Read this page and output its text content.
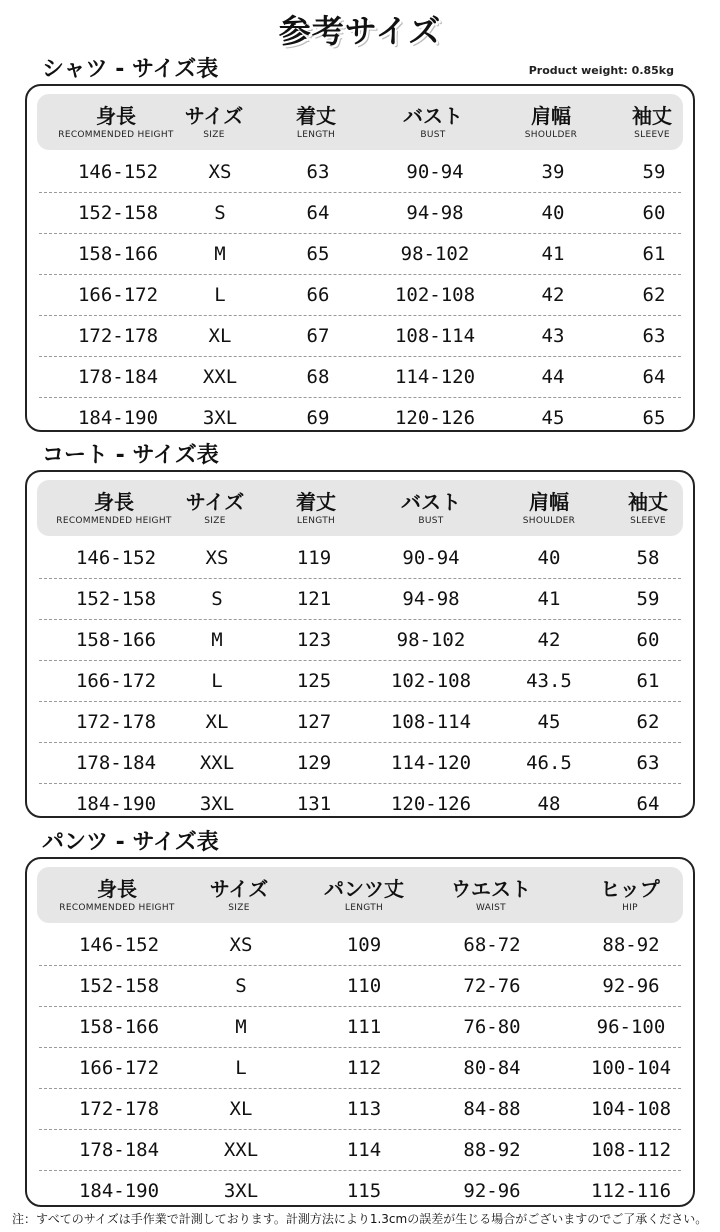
参考サイズ
Product weight: 0.85kg
シャツ - サイズ表
身長
RECOMMENDED HEIGHT
サイズ
SIZE
着丈
LENGTH
バスト
BUST
肩幅
SHOULDER
袖丈
SLEEVE
146-152	XS	63	90-94	39	59
152-158	S	64	94-98	40	60
158-166	M	65	98-102	41	61
166-172	L	66	102-108	42	62
172-178	XL	67	108-114	43	63
178-184 XXL	68	114-120	44	64
184-190 3XL	69	120-126	45	65
コート - サイズ表
身長
RECOMMENDED HEIGHT
サイズ
SIZE
着丈
LENGTH
バスト
BUST
肩幅
SHOULDER
袖丈
SLEEVE
146-152	XS	119	90-94	40	58
152-158	S	121	94-98	41	59
158-166	M	123	98-102	42	60
166-172	L	125	102-108	43.5	61
172-178	XL	127	108-114	45	62
178-184 XXL	129	114-120	46.5	63
184-190 3XL	131	120-126	48	64
パンツ - サイズ表
身長
RECOMMENDED HEIGHT
サイズ
SIZE
パンツ丈
LENGTH
ウエスト
WAIST
ヒップ
HIP
146-152	XS	109	68-72	88-92
152-158	S	110	72-76	92-96
158-166	M	111	76-80	96-100
166-172	L	112	80-84	100-104
172-178	XL	113	84-88	104-108
178-184	XXL	114	88-92	108-112
184-190	3XL	115	92-96	112-116
注：すべてのサイズは手作業で計測しております。計測方法により1.3cmの誤差が生じる場合がございますのでご了承ください。
